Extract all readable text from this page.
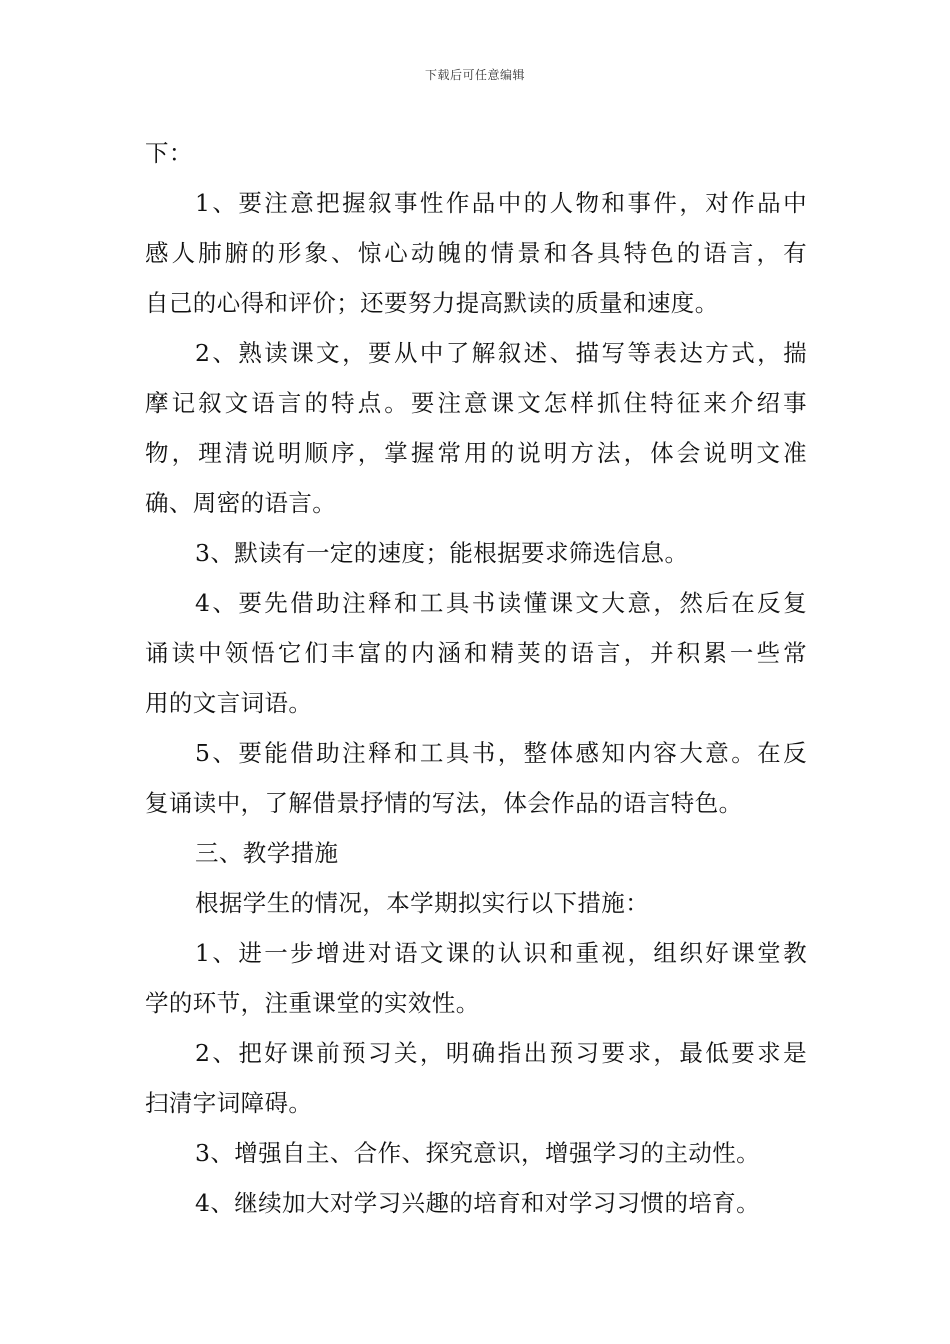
下载后可任意编辑
下：
1、要注意把握叙事性作品中的人物和事件，对作品中
感人肺腑的形象、惊心动魄的情景和各具特色的语言，有
自己的心得和评价；还要努力提高默读的质量和速度。
2、熟读课文，要从中了解叙述、描写等表达方式，揣
摩记叙文语言的特点。要注意课文怎样抓住特征来介绍事
物，理清说明顺序，掌握常用的说明方法，体会说明文准
确、周密的语言。
3、默读有一定的速度；能根据要求筛选信息。
4、要先借助注释和工具书读懂课文大意，然后在反复
诵读中领悟它们丰富的内涵和精荚的语言，并积累一些常
用的文言词语。
5、要能借助注释和工具书，整体感知内容大意。在反
复诵读中，了解借景抒情的写法，体会作品的语言特色。
三、教学措施
根据学生的情况，本学期拟实行以下措施：
1、进一步增进对语文课的认识和重视，组织好课堂教
学的环节，注重课堂的实效性。
2、把好课前预习关，明确指出预习要求，最低要求是
扫清字词障碍。
3、增强自主、合作、探究意识，增强学习的主动性。
4、继续加大对学习兴趣的培育和对学习习惯的培育。
